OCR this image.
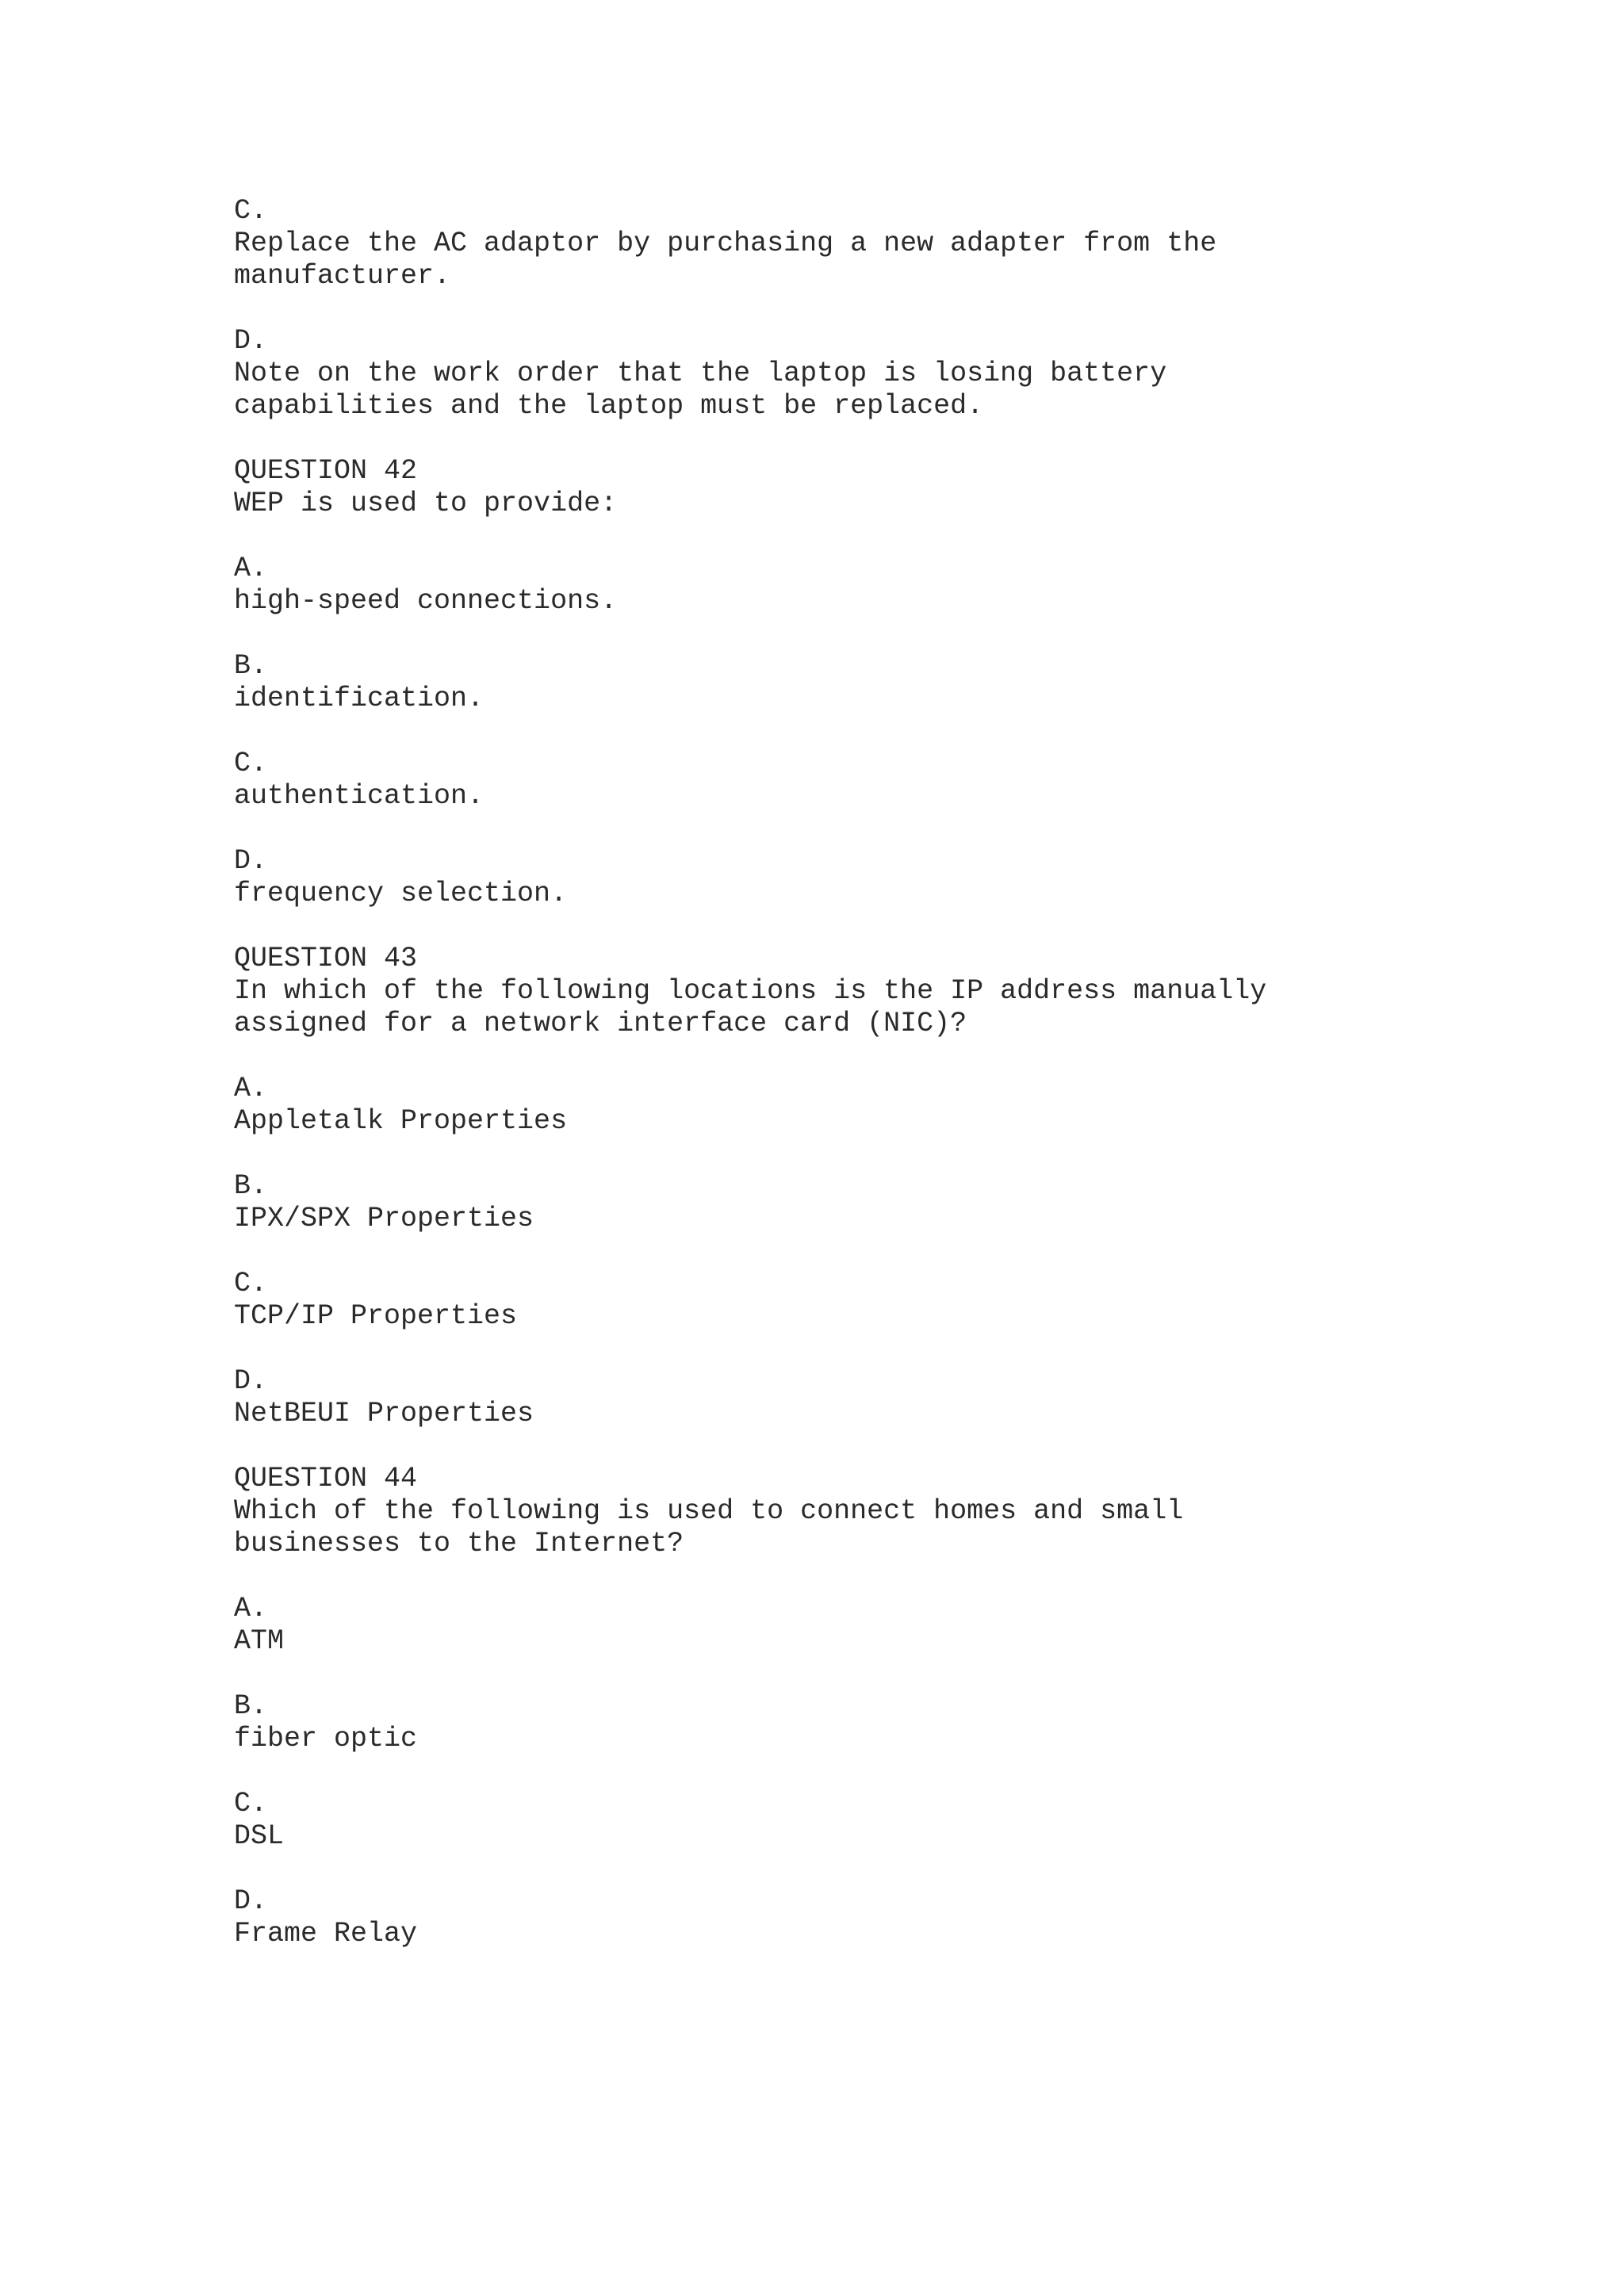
C.
Replace the AC adaptor by purchasing a new adapter from the
manufacturer.
D.
Note on the work order that the laptop is losing battery
capabilities and the laptop must be replaced.
QUESTION 42
WEP is used to provide:
A.
high-speed connections.
B.
identification.
C.
authentication.
D.
frequency selection.
QUESTION 43
In which of the following locations is the IP address manually
assigned for a network interface card (NIC)?
A.
Appletalk Properties
B.
IPX/SPX Properties
C.
TCP/IP Properties
D.
NetBEUI Properties
QUESTION 44
Which of the following is used to connect homes and small
businesses to the Internet?
A.
ATM
B.
fiber optic
C.
DSL
D.
Frame Relay
